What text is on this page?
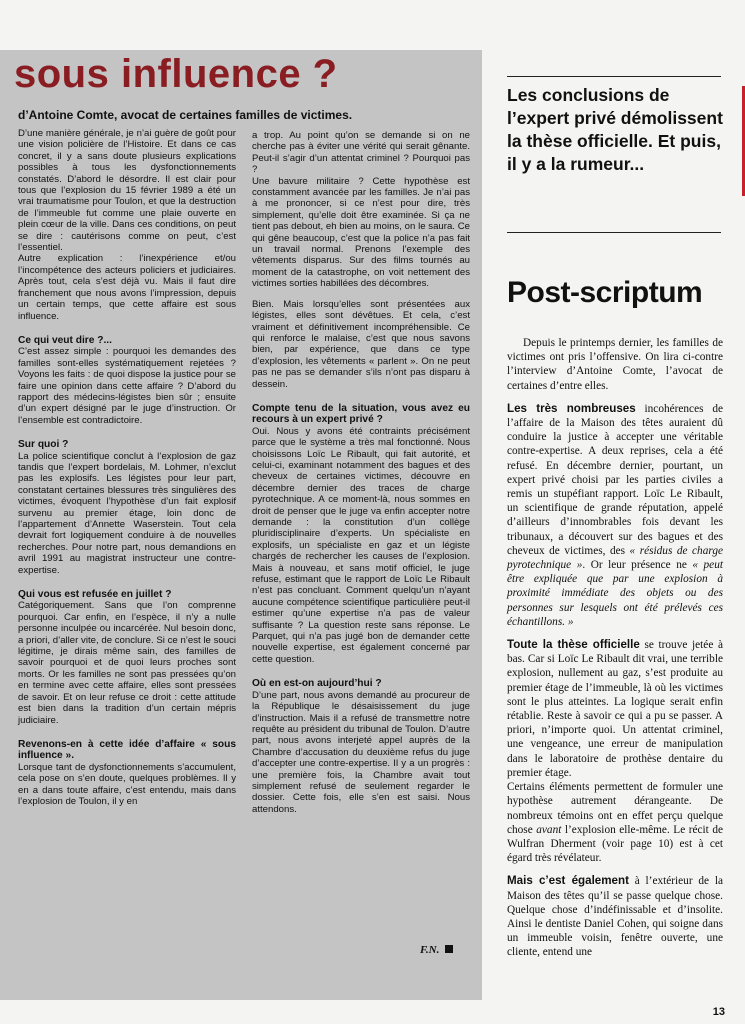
sous influence ?

d’Antoine Comte, avocat de certaines familles de victimes.

D’une manière générale, je n’ai guère de goût pour une vision policière de l’Histoire. Et dans ce cas concret, il y a sans doute plusieurs explications possibles à tous les dysfonctionnements constatés. D’abord le désordre. Il est clair pour tous que l’explosion du 15 février 1989 a été un vrai traumatisme pour Toulon, et que la destruction de l’immeuble fut comme une plaie ouverte en plein cœur de la ville. Dans ces conditions, on peut se dire : cautérisons comme on peut, c’est l’essentiel.

Autre explication : l’inexpérience et/ou l’incompétence des acteurs policiers et judiciaires. Après tout, cela s’est déjà vu. Mais il faut dire franchement que nous avons l’impression, depuis un certain temps, que cette affaire est sous influence.

Ce qui veut dire ?...

C’est assez simple : pourquoi les demandes des familles sont-elles systématiquement rejetées ? Voyons les faits : de quoi dispose la justice pour se faire une opinion dans cette affaire ? D’abord du rapport des médecins-légistes bien sûr ; ensuite d’un expert désigné par le juge d’instruction. Or l’ensemble est contradictoire.

Sur quoi ?

La police scientifique conclut à l’explosion de gaz tandis que l’expert bordelais, M. Lohmer, n’exclut pas les explosifs. Les légistes pour leur part, constatant certaines blessures très singulières des victimes, évoquent l’hypothèse d’un fait explosif survenu au premier étage, loin donc de l’appartement d’Annette Waserstein. Tout cela devrait fort logiquement conduire à de nouvelles recherches. Pour notre part, nous demandions en avril 1991 au magistrat instructeur une contre-expertise.

Qui vous est refusée en juillet ?

Catégoriquement. Sans que l’on comprenne pourquoi. Car enfin, en l’espèce, il n’y a nulle personne inculpée ou incarcérée. Nul besoin donc, a priori, d’aller vite, de conclure. Si ce n’est le souci légitime, je dirais même sain, des familles de savoir pourquoi et de quoi leurs proches sont morts. Or les familles ne sont pas pressées qu’on en termine avec cette affaire, elles sont pressées de savoir. Et on leur refuse ce droit : cette attitude est bien dans la tradition d’un certain mépris judiciaire.

Revenons-en à cette idée d’affaire « sous influence ».

Lorsque tant de dysfonctionnements s’accumulent, cela pose on s’en doute, quelques problèmes. Il y en a dans toute affaire, c’est entendu, mais dans l’explosion de Toulon, il y en

a trop. Au point qu’on se demande si on ne cherche pas à éviter une vérité qui serait gênante. Peut-il s’agir d’un attentat criminel ? Pourquoi pas ?

Une bavure militaire ? Cette hypothèse est constamment avancée par les familles. Je n’ai pas à me prononcer, si ce n’est pour dire, très simplement, qu’elle doit être examinée. Si ça ne tient pas debout, eh bien au moins, on le saura. Ce qui gêne beaucoup, c’est que la police n’a pas fait un travail normal. Prenons l’exemple des vêtements disparus. Sur des films tournés au moment de la catastrophe, on voit nettement des victimes sorties habillées des décombres.

Bien. Mais lorsqu’elles sont présentées aux légistes, elles sont dévêtues. Et cela, c’est vraiment et définitivement incompréhensible. Ce qui renforce le malaise, c’est que nous savons bien, par expérience, que dans ce type d’explosion, les vêtements « parlent ». On ne peut pas ne pas se demander s’ils n’ont pas disparu à dessein.

Compte tenu de la situation, vous avez eu recours à un expert privé ?

Oui. Nous y avons été contraints précisément parce que le système a très mal fonctionné. Nous choisissons Loïc Le Ribault, qui fait autorité, et celui-ci, examinant notamment des bagues et des cheveux de certaines victimes, découvre en décembre dernier des traces de charge pyrotechnique. A ce moment-là, nous sommes en droit de penser que le juge va enfin accepter notre demande : la constitution d’un collège pluridisciplinaire d’experts. Un spécialiste en explosifs, un spécialiste en gaz et un légiste chargés de rechercher les causes de l’explosion. Mais à nouveau, et sans motif officiel, le juge refuse, estimant que le rapport de Loïc Le Ribault n’est pas concluant. Comment quelqu’un n’ayant aucune compétence scientifique particulière peut-il estimer qu’une expertise n’a pas de valeur suffisante ? La question reste sans réponse. Le Parquet, qui n’a pas jugé bon de demander cette nouvelle expertise, est également concerné par cette question.

Où en est-on aujourd’hui ?

D’une part, nous avons demandé au procureur de la République le désaisissement du juge d’instruction. Mais il a refusé de transmettre notre requête au président du tribunal de Toulon. D’autre part, nous avons interjeté appel auprès de la Chambre d’accusation du deuxième refus du juge d’accepter une contre-expertise. Il y a un progrès : une première fois, la Chambre avait tout simplement refusé de seulement regarder le dossier. Cette fois, elle s’en est saisi. Nous attendons.

F.N.

Les conclusions de l’expert privé démolissent la thèse officielle. Et puis, il y a la rumeur...

Post-scriptum

Depuis le printemps dernier, les familles de victimes ont pris l’offensive. On lira ci-contre l’interview d’Antoine Comte, l’avocat de certaines d’entre elles.

Les très nombreuses incohérences de l’affaire de la Maison des têtes auraient dû conduire la justice à accepter une véritable contre-expertise. A deux reprises, cela a été refusé. En décembre dernier, pourtant, un expert privé choisi par les parties civiles a remis un stupéfiant rapport. Loïc Le Ribault, un scientifique de grande réputation, appelé d’ailleurs d’innombrables fois devant les tribunaux, a découvert sur des bagues et des cheveux de victimes, des « résidus de charge pyrotechnique ». Or leur présence ne « peut être expliquée que par une explosion à proximité immédiate des objets ou des personnes sur lesquels ont été prélevés ces échantillons. »

Toute la thèse officielle se trouve jetée à bas. Car si Loïc Le Ribault dit vrai, une terrible explosion, nullement au gaz, s’est produite au premier étage de l’immeuble, là où les victimes sont le plus atteintes. La logique serait enfin rétablie. Reste à savoir ce qui a pu se passer. A priori, n’importe quoi. Un attentat criminel, une vengeance, une erreur de manipulation dans le laboratoire de prothèse dentaire du premier étage.

Certains éléments permettent de formuler une hypothèse autrement dérangeante. De nombreux témoins ont en effet perçu quelque chose avant l’explosion elle-même. Le récit de Wulfran Dherment (voir page 10) est à cet égard très révélateur.

Mais c’est également à l’extérieur de la Maison des têtes qu’il se passe quelque chose. Quelque chose d’indéfinissable et d’insolite. Ainsi le dentiste Daniel Cohen, qui soigne dans un immeuble voisin, fenêtre ouverte, une cliente, entend une

13
